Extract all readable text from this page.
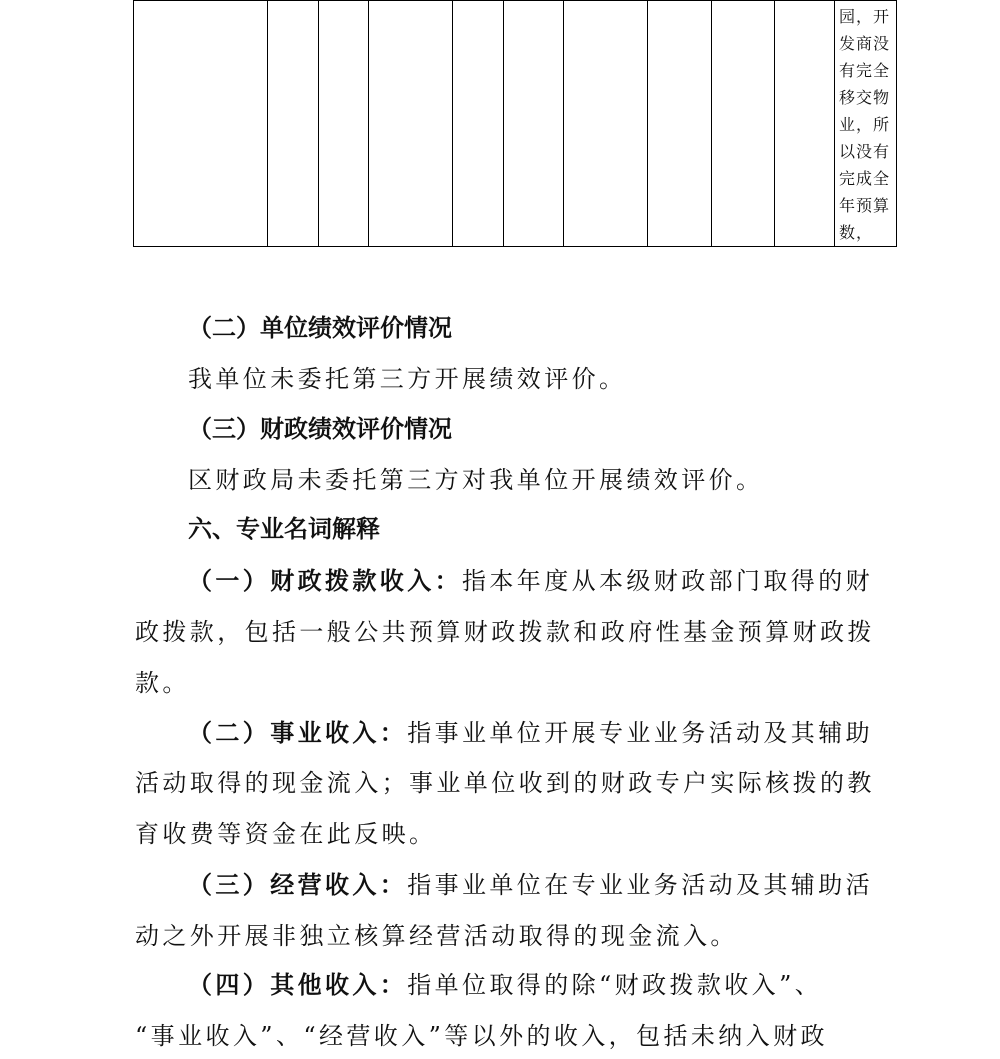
										园，开发商没有完全移交物业，所以没有完成全年预算数，

（二）单位绩效评价情况

我单位未委托第三方开展绩效评价。

（三）财政绩效评价情况

区财政局未委托第三方对我单位开展绩效评价。

六、专业名词解释

（一）财政拨款收入：指本年度从本级财政部门取得的财

政拨款，包括一般公共预算财政拨款和政府性基金预算财政拨

款。

（二）事业收入：指事业单位开展专业业务活动及其辅助

活动取得的现金流入；事业单位收到的财政专户实际核拨的教

育收费等资金在此反映。

（三）经营收入：指事业单位在专业业务活动及其辅助活

动之外开展非独立核算经营活动取得的现金流入。

（四）其他收入：指单位取得的除“财政拨款收入”、

“事业收入”、“经营收入”等以外的收入，包括未纳入财政
